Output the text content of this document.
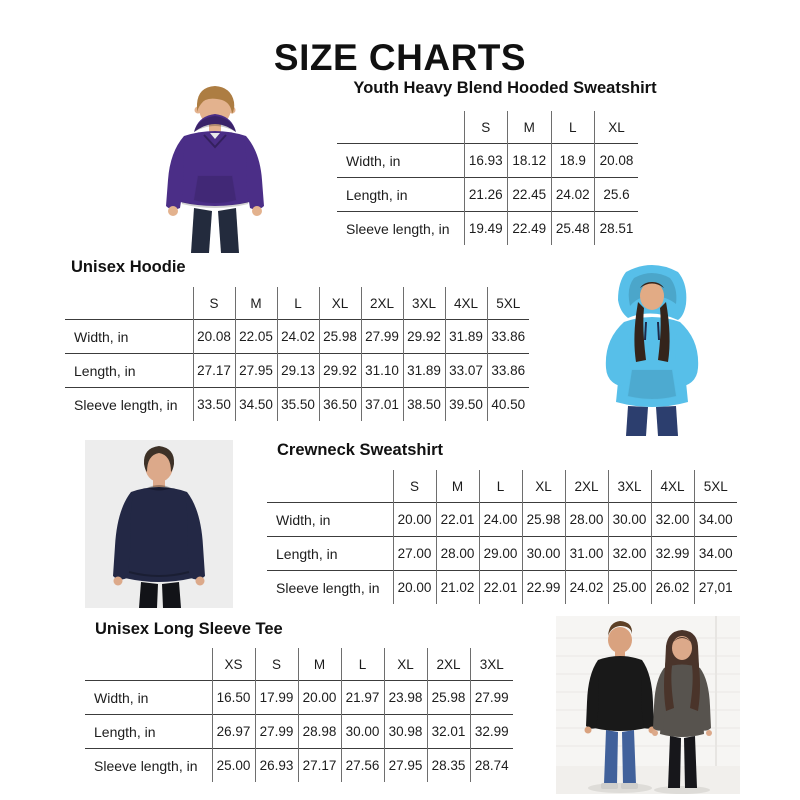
SIZE CHARTS
Youth Heavy Blend Hooded Sweatshirt
Unisex Hoodie
Crewneck Sweatshirt
Unisex Long Sleeve Tee
	S	M	L	XL
Width, in	16.93	18.12	18.9	20.08
Length, in	21.26	22.45	24.02	25.6
Sleeve length, in	19.49	22.49	25.48	28.51
	S	M	L	XL	2XL	3XL	4XL	5XL
Width, in	20.08	22.05	24.02	25.98	27.99	29.92	31.89	33.86
Length, in	27.17	27.95	29.13	29.92	31.10	31.89	33.07	33.86
Sleeve length, in	33.50	34.50	35.50	36.50	37.01	38.50	39.50	40.50
	S	M	L	XL	2XL	3XL	4XL	5XL
Width, in	20.00	22.01	24.00	25.98	28.00	30.00	32.00	34.00
Length, in	27.00	28.00	29.00	30.00	31.00	32.00	32.99	34.00
Sleeve length, in	20.00	21.02	22.01	22.99	24.02	25.00	26.02	27,01
	XS	S	M	L	XL	2XL	3XL
Width, in	16.50	17.99	20.00	21.97	23.98	25.98	27.99
Length, in	26.97	27.99	28.98	30.00	30.98	32.01	32.99
Sleeve length, in	25.00	26.93	27.17	27.56	27.95	28.35	28.74
